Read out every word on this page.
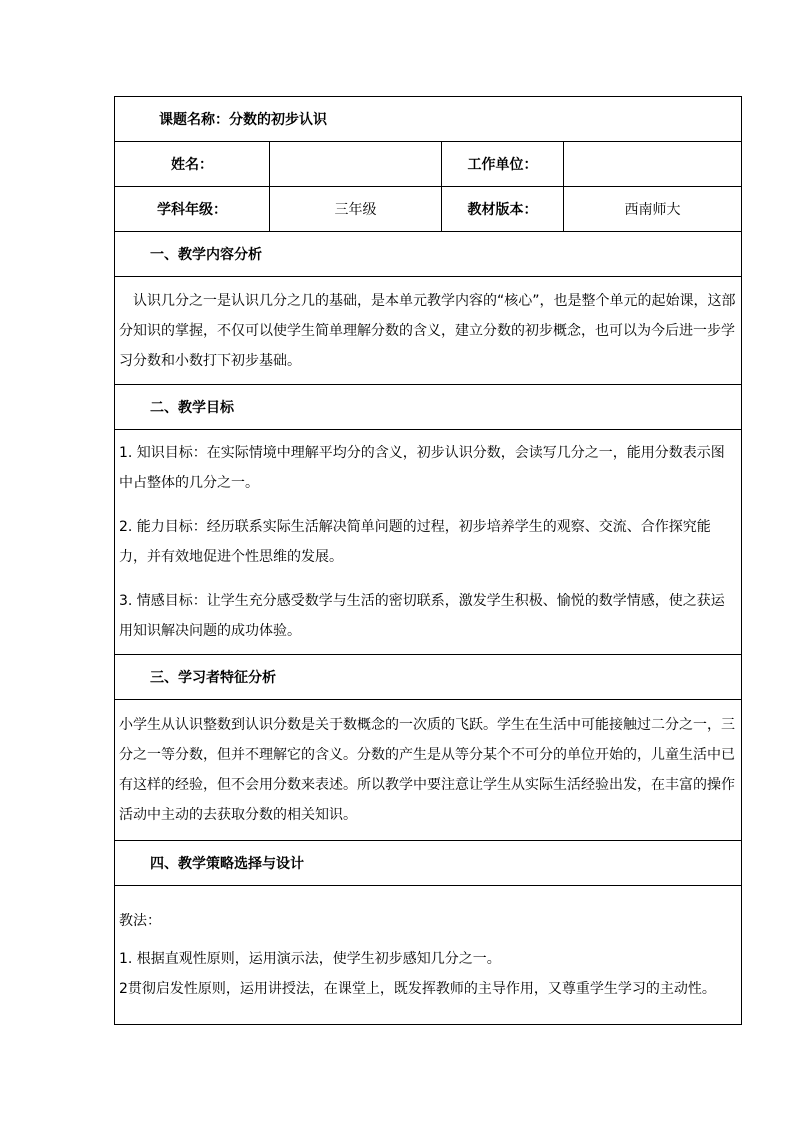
课题名称：分数的初步认识			
姓名：		工作单位：	
学科年级：	三年级	教材版本：	西南师大
一、教学内容分析			

认识几分之一是认识几分之几的基础，是本单元教学内容的“核心”，也是整个单元的起始课，这部分知识的掌握，不仅可以使学生简单理解分数的含义，建立分数的初步概念，也可以为今后进一步学习分数和小数打下初步基础。			

二、教学目标			

1. 知识目标：在实际情境中理解平均分的含义，初步认识分数，会读写几分之一，能用分数表示图中占整体的几分之一。

2. 能力目标：经历联系实际生活解决简单问题的过程，初步培养学生的观察、交流、合作探究能力，并有效地促进个性思维的发展。

3. 情感目标：让学生充分感受数学与生活的密切联系，激发学生积极、愉悦的数学情感，使之获运用知识解决问题的成功体验。			

三、学习者特征分析			

小学生从认识整数到认识分数是关于数概念的一次质的飞跃。学生在生活中可能接触过二分之一，三分之一等分数，但并不理解它的含义。分数的产生是从等分某个不可分的单位开始的，儿童生活中已有这样的经验，但不会用分数来表述。所以教学中要注意让学生从实际生活经验出发，在丰富的操作活动中主动的去获取分数的相关知识。			

四、教学策略选择与设计			

教法：

1. 根据直观性原则，运用演示法，使学生初步感知几分之一。

2贯彻启发性原则，运用讲授法，在课堂上，既发挥教师的主导作用，又尊重学生学习的主动性。			
